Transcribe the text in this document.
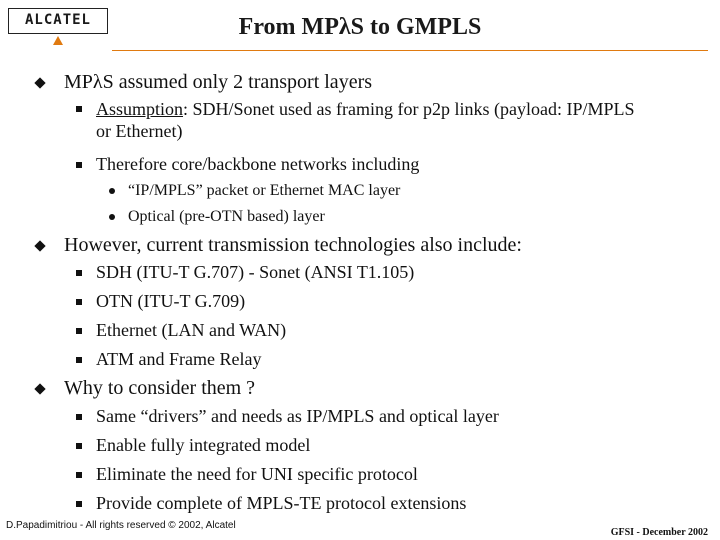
ALCATEL	From MPλS to GMPLS
MPλS assumed only 2 transport layers
Assumption: SDH/Sonet used as framing for p2p links (payload: IP/MPLS
or Ethernet)
Therefore core/backbone networks including
“IP/MPLS” packet or Ethernet MAC layer
Optical (pre-OTN based) layer
However, current transmission technologies also include:
SDH (ITU-T G.707) - Sonet (ANSI T1.105)
OTN (ITU-T G.709)
Ethernet (LAN and WAN)
ATM and Frame Relay
Why to consider them ?
Same “drivers” and needs as IP/MPLS and optical layer
Enable fully integrated model
Eliminate the need for UNI specific protocol
Provide complete of MPLS-TE protocol extensions
D.Papadimitriou - All rights reserved © 2002, Alcatel
GFSI - December 2002
